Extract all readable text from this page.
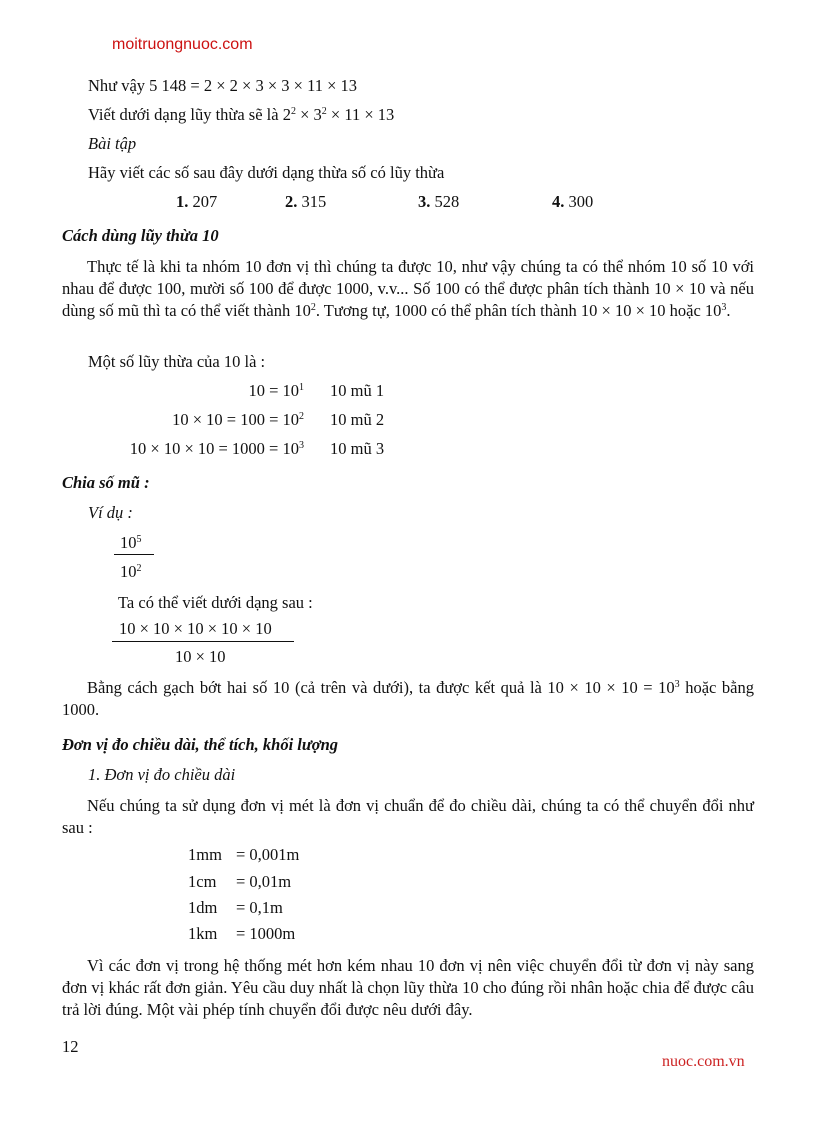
moitruongnuoc.com
Như vậy 5 148 = 2 × 2 × 3 × 3 × 11 × 13
Viết dưới dạng lũy thừa sẽ là $2^2 \times 3^2 \times 11 \times 13$
Bài tập
Hãy viết các số sau đây dưới dạng thừa số có lũy thừa
1. 207	2. 315	3. 528	4. 300
Cách dùng lũy thừa 10
Thực tế là khi ta nhóm 10 đơn vị thì chúng ta được 10, như vậy chúng ta có thể nhóm 10 số 10 với nhau để được 100, mười số 100 để được 1000, v.v... Số 100 có thể được phân tích thành 10 × 10 và nếu dùng số mũ thì ta có thể viết thành $10^2$. Tương tự, 1000 có thể phân tích thành 10 × 10 × 10 hoặc $10^3$.
Một số lũy thừa của 10 là :
$10 = 10^1$ 10 mũ 1
$10 \times 10 = 100 = 10^2$ 10 mũ 2
$10 \times 10 \times 10 = 1000 = 10^3$ 10 mũ 3
Chia số mũ :
Ví dụ :
$10^5$
$10^2$
Ta có thể viết dưới dạng sau :
10 × 10 × 10 × 10 × 10
10 × 10
Bằng cách gạch bớt hai số 10 (cả trên và dưới), ta được kết quả là $10 \times 10 \times 10 = 10^3$ hoặc bằng 1000.
Đơn vị đo chiều dài, thể tích, khối lượng
1. Đơn vị đo chiều dài
Nếu chúng ta sử dụng đơn vị mét là đơn vị chuẩn để đo chiều dài, chúng ta có thể chuyển đổi như sau :
1mm = 0,001m
1cm = 0,01m
1dm = 0,1m
1km = 1000m
Vì các đơn vị trong hệ thống mét hơn kém nhau 10 đơn vị nên việc chuyển đổi từ đơn vị này sang đơn vị khác rất đơn giản. Yêu cầu duy nhất là chọn lũy thừa 10 cho đúng rồi nhân hoặc chia để được câu trả lời đúng. Một vài phép tính chuyển đổi được nêu dưới đây.
12
nuoc.com.vn
